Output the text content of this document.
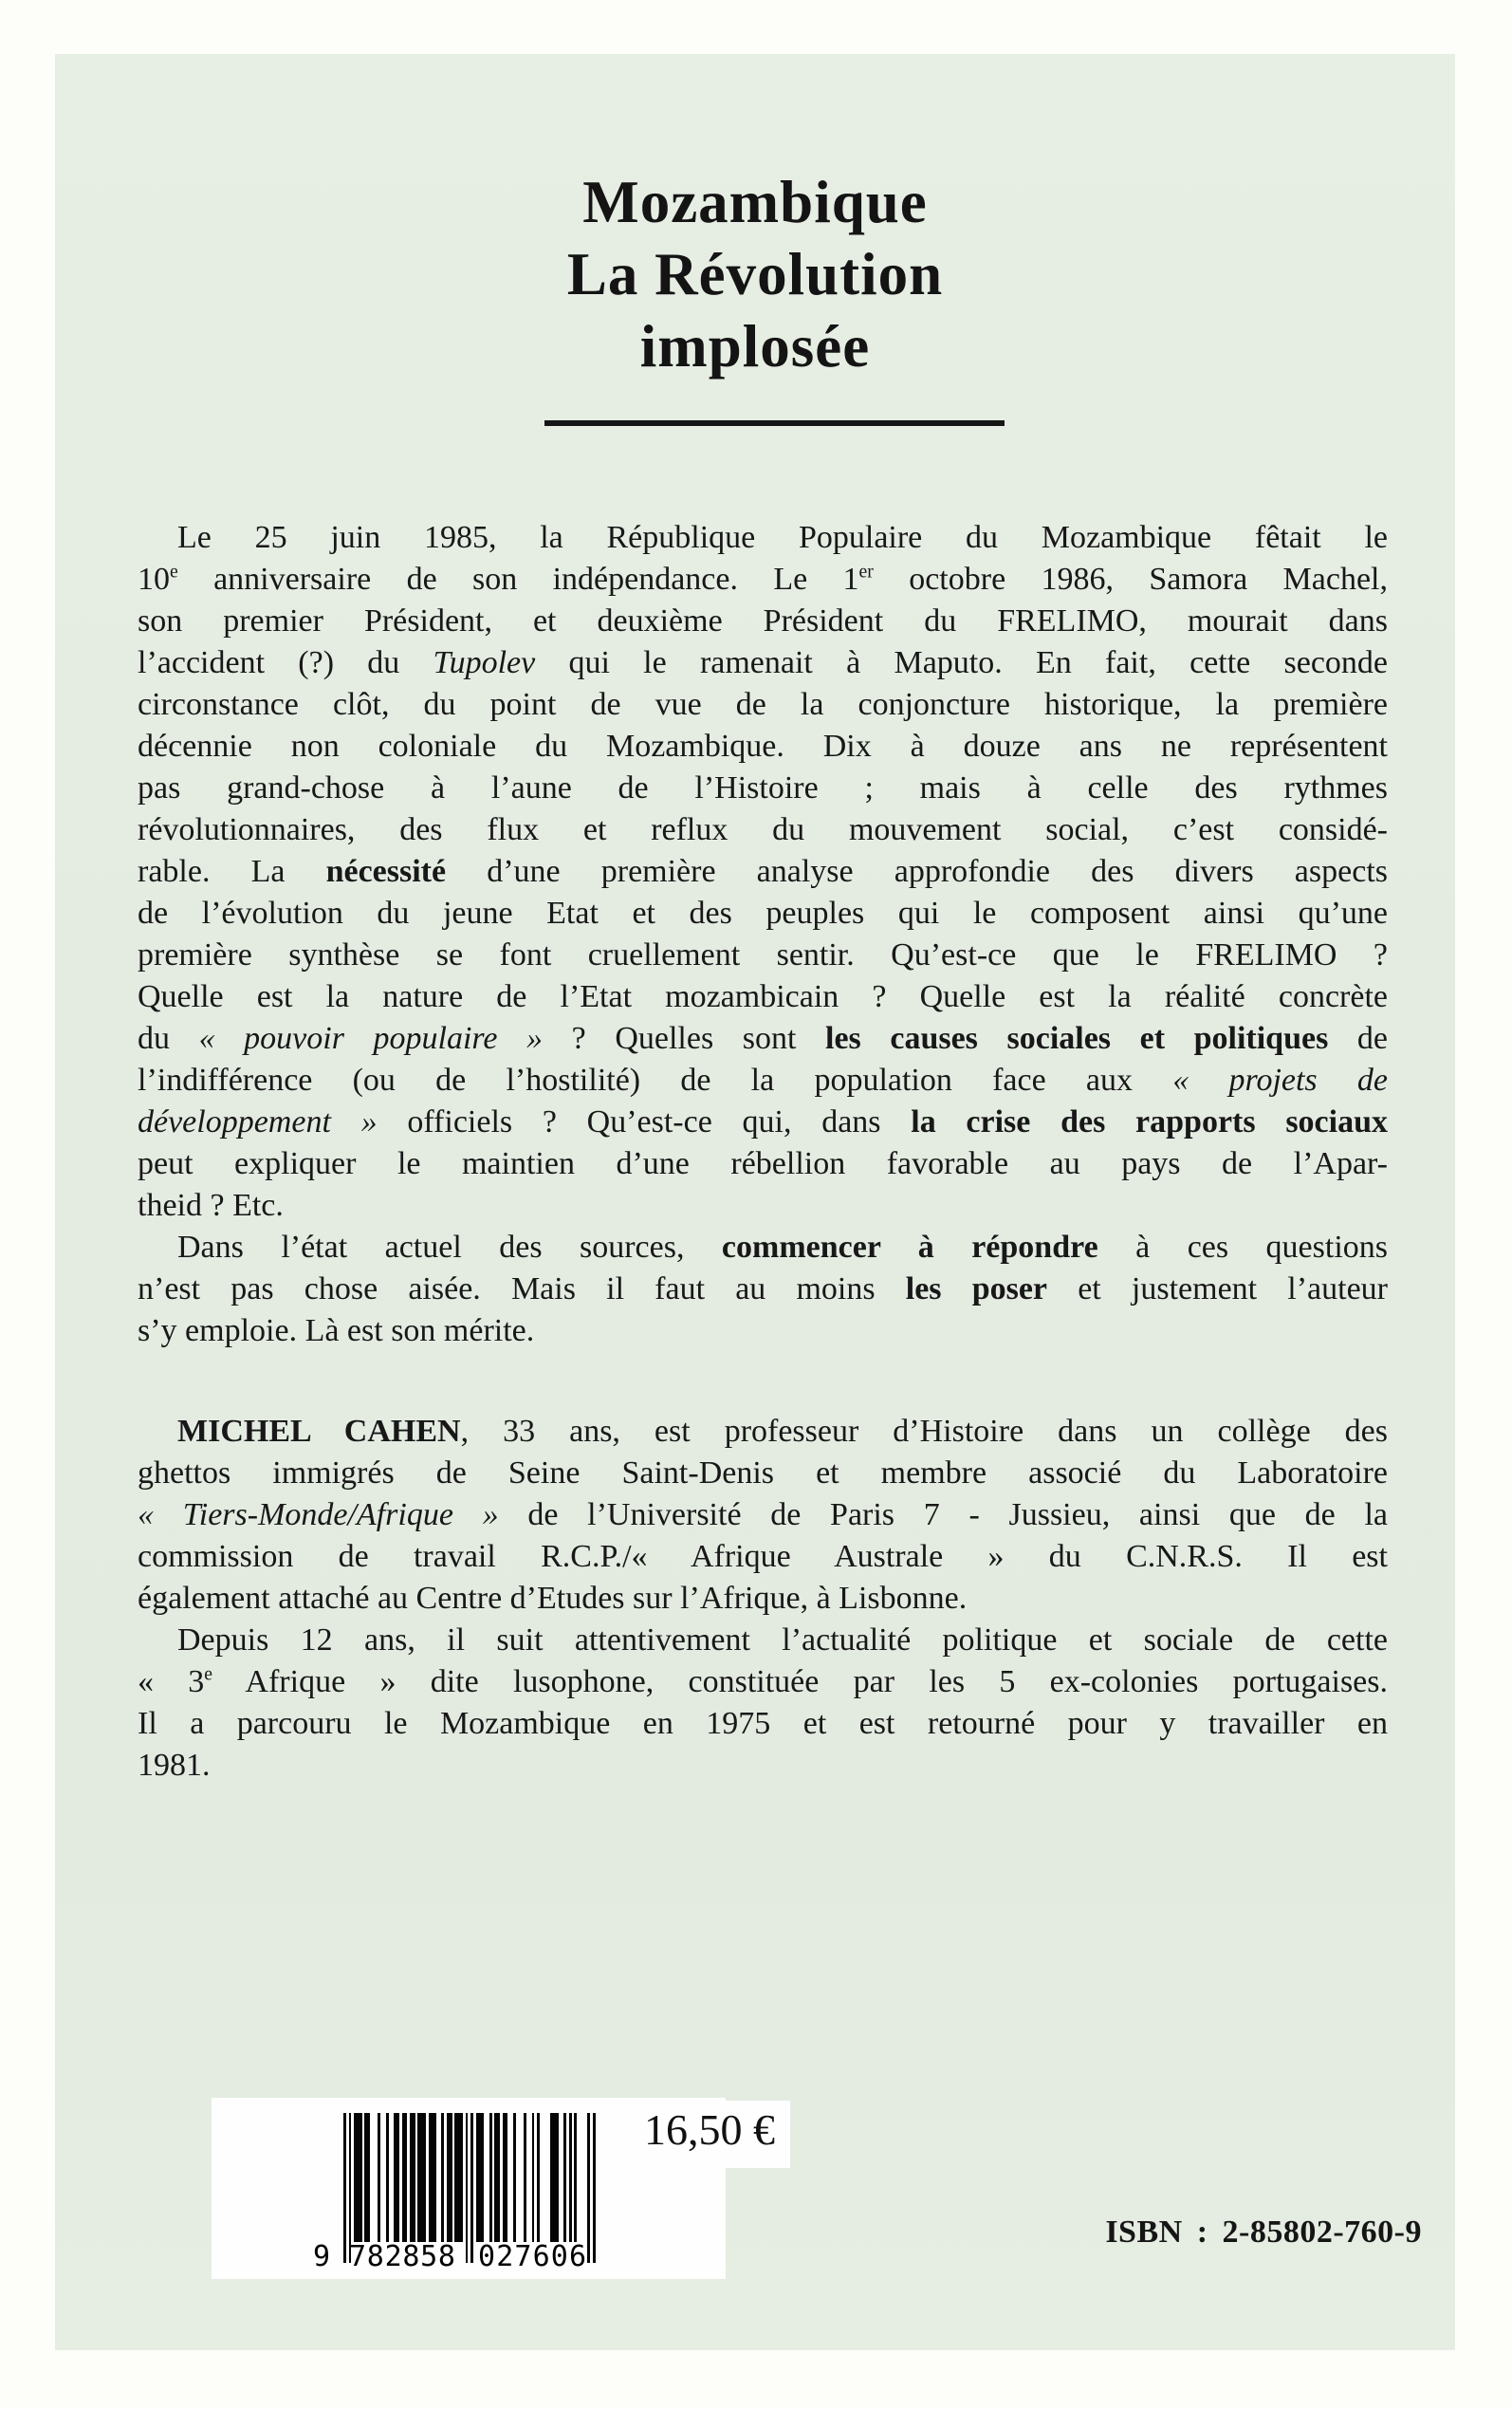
Mozambique
La Révolution
implosée
Le 25 juin 1985, la République Populaire du Mozambique fêtait le
10e anniversaire de son indépendance. Le 1er octobre 1986, Samora Machel,
son premier Président, et deuxième Président du FRELIMO, mourait dans
l’accident (?) du Tupolev qui le ramenait à Maputo. En fait, cette seconde
circonstance clôt, du point de vue de la conjoncture historique, la première
décennie non coloniale du Mozambique. Dix à douze ans ne représentent
pas grand-chose à l’aune de l’Histoire ; mais à celle des rythmes
révolutionnaires, des flux et reflux du mouvement social, c’est considé-
rable. La nécessité d’une première analyse approfondie des divers aspects
de l’évolution du jeune Etat et des peuples qui le composent ainsi qu’une
première synthèse se font cruellement sentir. Qu’est-ce que le FRELIMO ?
Quelle est la nature de l’Etat mozambicain ? Quelle est la réalité concrète
du « pouvoir populaire » ? Quelles sont les causes sociales et politiques de
l’indifférence (ou de l’hostilité) de la population face aux « projets de
développement » officiels ? Qu’est-ce qui, dans la crise des rapports sociaux
peut expliquer le maintien d’une rébellion favorable au pays de l’Apar-
theid ? Etc.
Dans l’état actuel des sources, commencer à répondre à ces questions
n’est pas chose aisée. Mais il faut au moins les poser et justement l’auteur
s’y emploie. Là est son mérite.
MICHEL CAHEN, 33 ans, est professeur d’Histoire dans un collège des
ghettos immigrés de Seine Saint-Denis et membre associé du Laboratoire
« Tiers-Monde/Afrique » de l’Université de Paris 7 - Jussieu, ainsi que de la
commission de travail R.C.P./« Afrique Australe » du C.N.R.S. Il est
également attaché au Centre d’Etudes sur l’Afrique, à Lisbonne.
Depuis 12 ans, il suit attentivement l’actualité politique et sociale de cette
« 3e Afrique » dite lusophone, constituée par les 5 ex-colonies portugaises.
Il a parcouru le Mozambique en 1975 et est retourné pour y travailler en
1981.
9 7 8 2 8 5 8 0 2 7 6 0 6
16,50 €
ISBN : 2-85802-760-9
